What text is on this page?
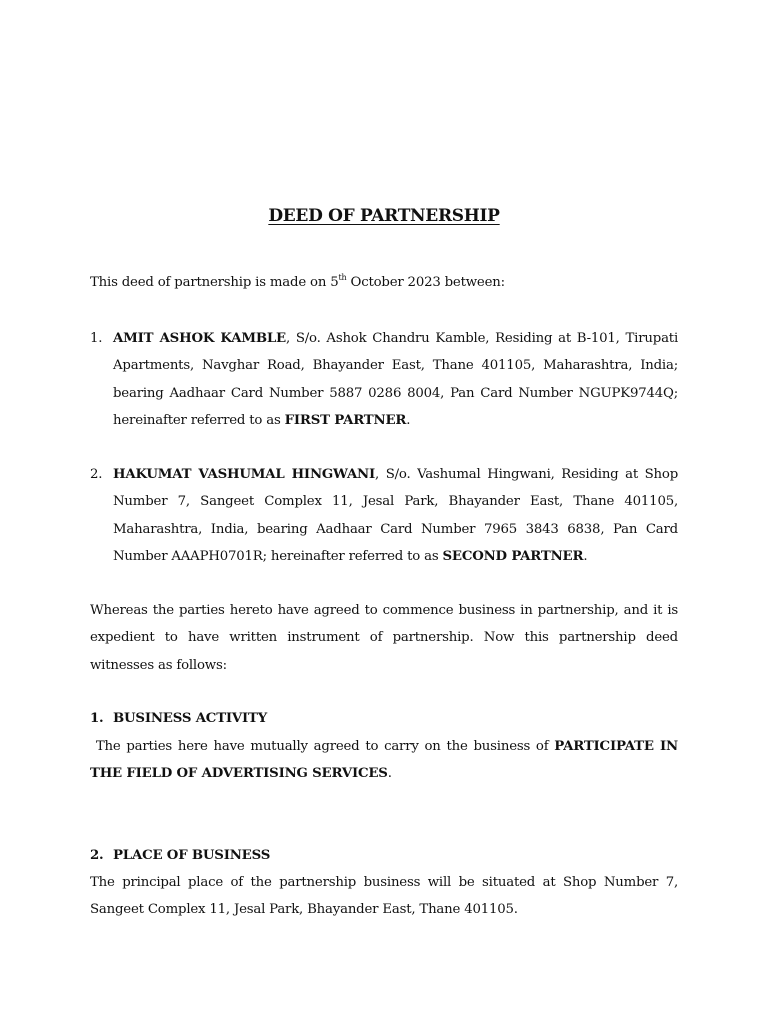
DEED OF PARTNERSHIP
This deed of partnership is made on 5th October 2023 between:
1. AMIT ASHOK KAMBLE, S/o. Ashok Chandru Kamble, Residing at B-101, Tirupati Apartments, Navghar Road, Bhayander East, Thane 401105, Maharashtra, India; bearing Aadhaar Card Number 5887 0286 8004, Pan Card Number NGUPK9744Q; hereinafter referred to as FIRST PARTNER.
2. HAKUMAT VASHUMAL HINGWANI, S/o. Vashumal Hingwani, Residing at Shop Number 7, Sangeet Complex 11, Jesal Park, Bhayander East, Thane 401105, Maharashtra, India, bearing Aadhaar Card Number 7965 3843 6838, Pan Card Number AAAPH0701R; hereinafter referred to as SECOND PARTNER.
Whereas the parties hereto have agreed to commence business in partnership, and it is expedient to have written instrument of partnership. Now this partnership deed witnesses as follows:
1. BUSINESS ACTIVITY
The parties here have mutually agreed to carry on the business of PARTICIPATE IN THE FIELD OF ADVERTISING SERVICES.
2. PLACE OF BUSINESS
The principal place of the partnership business will be situated at Shop Number 7, Sangeet Complex 11, Jesal Park, Bhayander East, Thane 401105.
